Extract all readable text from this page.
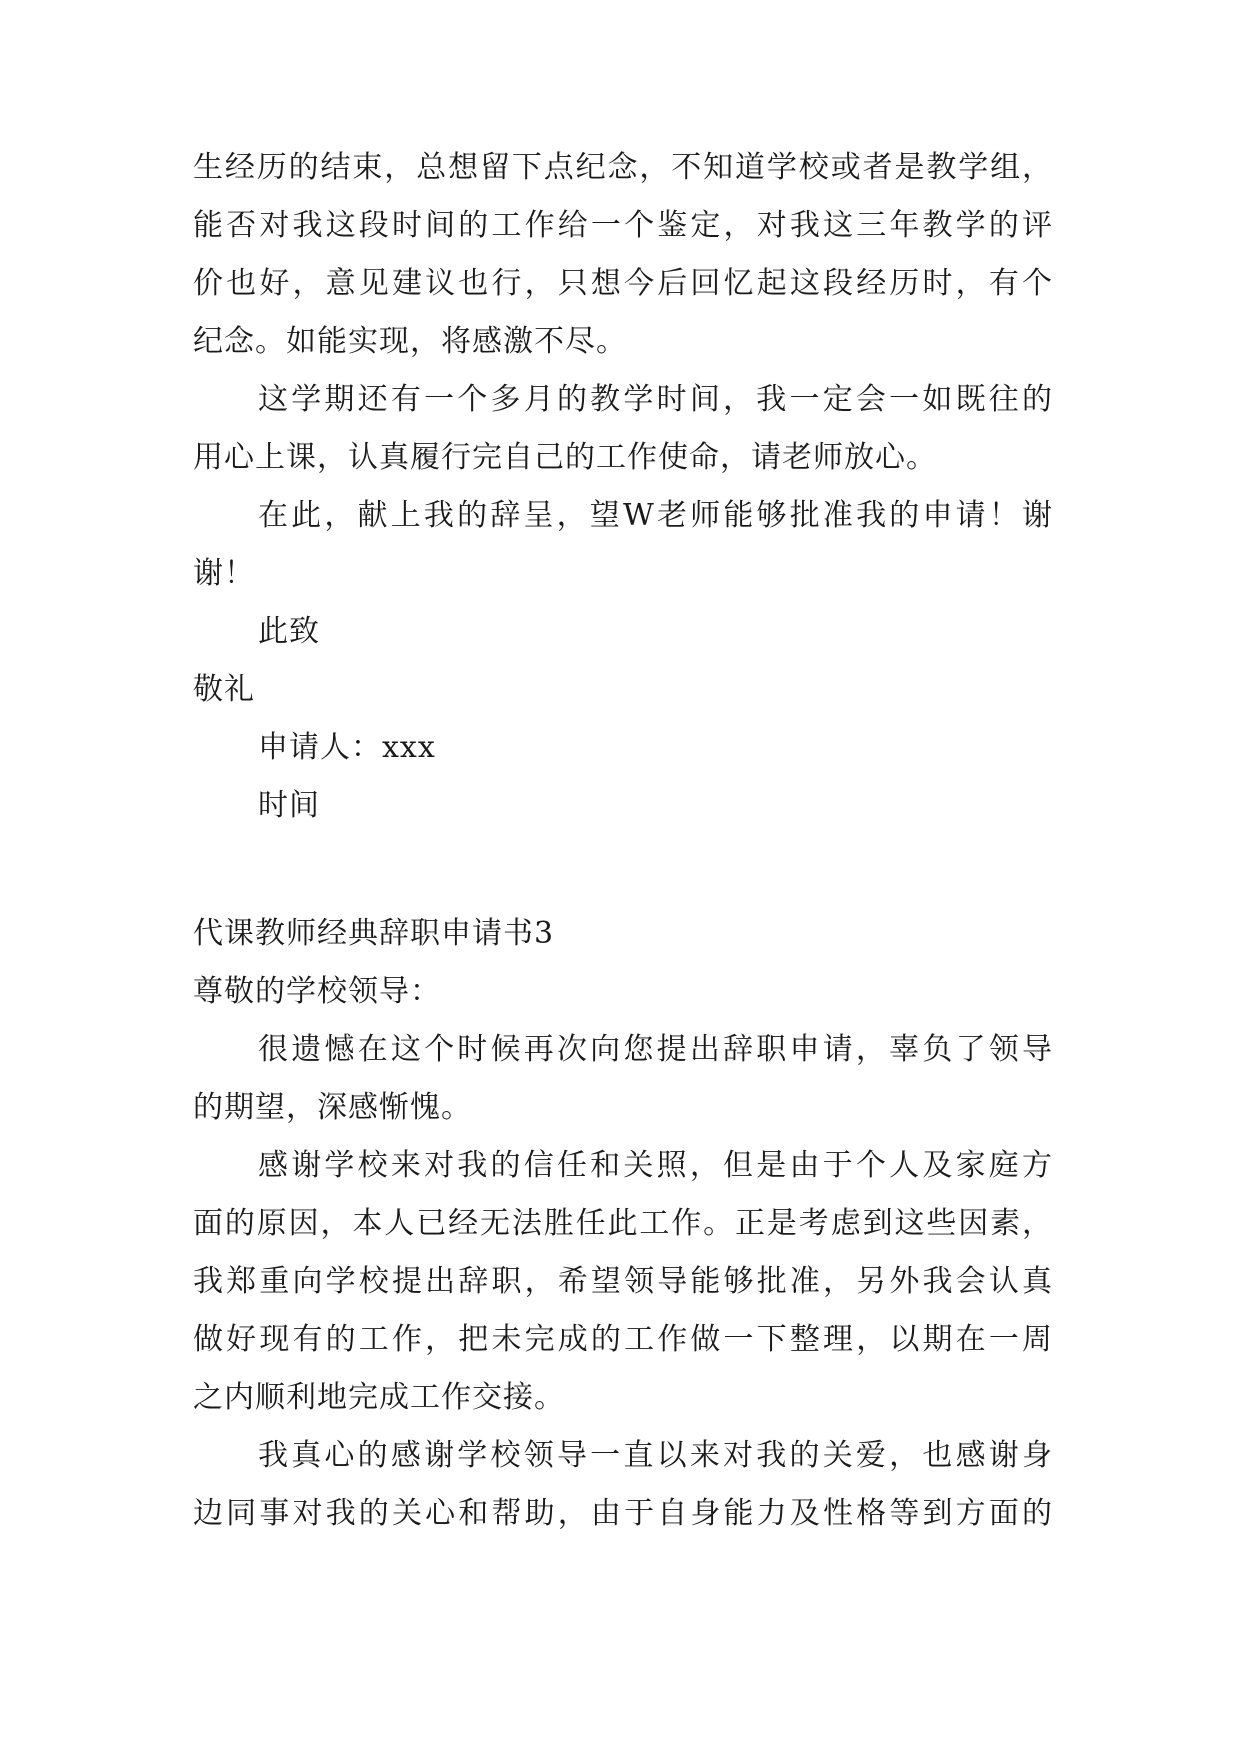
生经历的结束，总想留下点纪念，不知道学校或者是教学组，
能否对我这段时间的工作给一个鉴定，对我这三年教学的评
价也好，意见建议也行，只想今后回忆起这段经历时，有个
纪念。如能实现，将感激不尽。
这学期还有一个多月的教学时间，我一定会一如既往的
用心上课，认真履行完自己的工作使命，请老师放心。
在此，献上我的辞呈，望W老师能够批准我的申请！谢
谢！
此致
敬礼
申请人：xxx
时间
代课教师经典辞职申请书3
尊敬的学校领导：
很遗憾在这个时候再次向您提出辞职申请，辜负了领导
的期望，深感惭愧。
感谢学校来对我的信任和关照，但是由于个人及家庭方
面的原因，本人已经无法胜任此工作。正是考虑到这些因素，
我郑重向学校提出辞职，希望领导能够批准，另外我会认真
做好现有的工作，把未完成的工作做一下整理，以期在一周
之内顺利地完成工作交接。
我真心的感谢学校领导一直以来对我的关爱，也感谢身
边同事对我的关心和帮助，由于自身能力及性格等到方面的
